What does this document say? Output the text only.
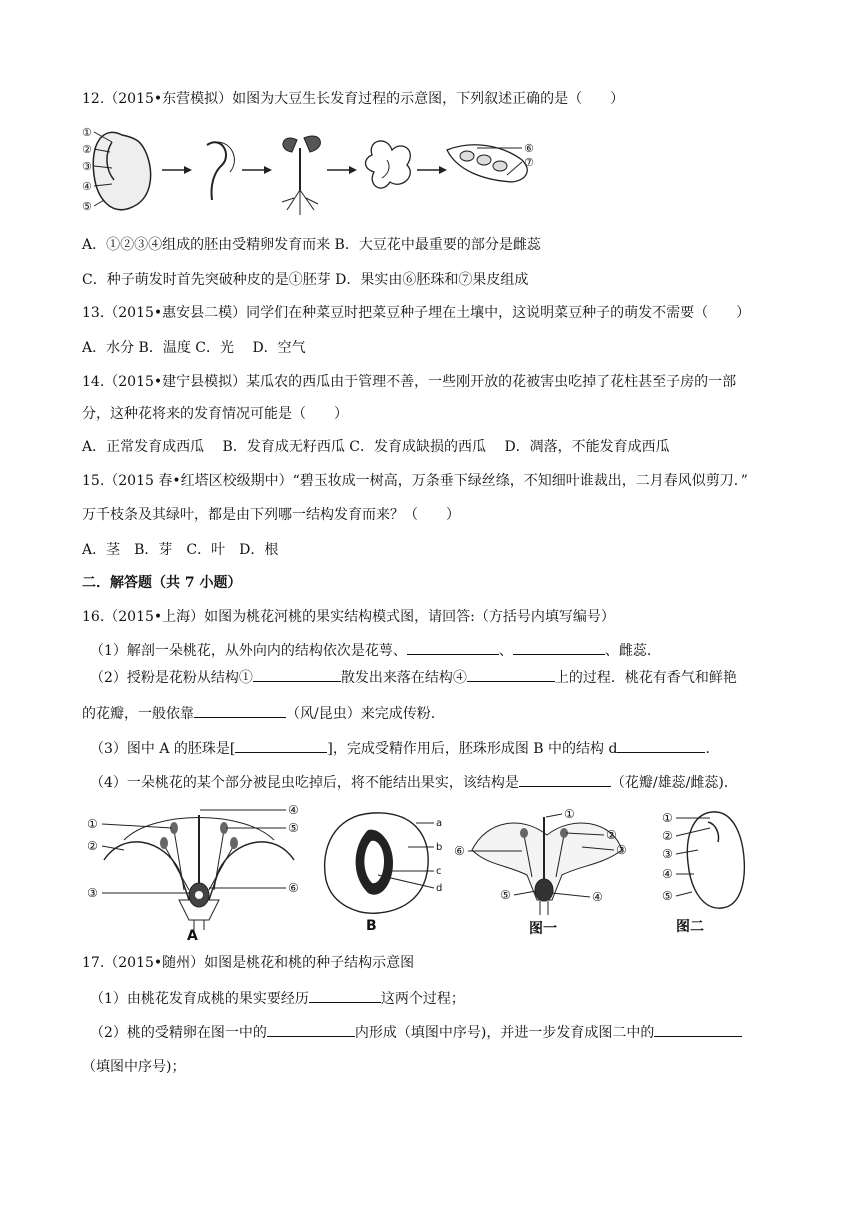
12.（2015•东营模拟）如图为大豆生长发育过程的示意图，下列叙述正确的是（　　）
①
②
③
④
⑤
⑥
⑦
A．①②③④组成的胚由受精卵发育而来 B．大豆花中最重要的部分是雌蕊
C．种子萌发时首先突破种皮的是①胚芽 D．果实由⑥胚珠和⑦果皮组成
13.（2015•惠安县二模）同学们在种菜豆时把菜豆种子埋在土壤中，这说明菜豆种子的萌发不需要（　　）
A．水分 B．温度 C．光　 D．空气
14.（2015•建宁县模拟）某瓜农的西瓜由于管理不善，一些刚开放的花被害虫吃掉了花柱甚至子房的一部
分，这种花将来的发育情况可能是（　　）
A．正常发育成西瓜　 B．发育成无籽西瓜 C．发育成缺损的西瓜　 D．凋落，不能发育成西瓜
15.（2015 春•红塔区校级期中）“碧玉妆成一树高，万条垂下绿丝绦，不知细叶谁裁出，二月春风似剪刀．”
万千枝条及其绿叶，都是由下列哪一结构发育而来？（　　）
A．茎　B．芽　C．叶　D．根
二．解答题（共 7 小题）
16.（2015•上海）如图为桃花河桃的果实结构模式图，请回答:（方括号内填写编号）
（1）解剖一朵桃花，从外向内的结构依次是花萼、	、	、雌蕊.
（2）授粉是花粉从结构①	散发出来落在结构④	上的过程．桃花有香气和鲜艳
的花瓣，一般依靠	（风/昆虫）来完成传粉.
（3）图中 A 的胚珠是[	]，完成受精作用后，胚珠形成图 B 中的结构 d	.
（4）一朵桃花的某个部分被昆虫吃掉后，将不能结出果实，该结构是	（花瓣/雄蕊/雌蕊).
①
②
③
④
⑤
⑥
A
a
b
c
d
B
①
②
③
④
⑤
⑥
图一
①
②
③
④
⑤
图二
17.（2015•随州）如图是桃花和桃的种子结构示意图
（1）由桃花发育成桃的果实要经历	这两个过程；
（2）桃的受精卵在图一中的	内形成（填图中序号)，并进一步发育成图二中的
（填图中序号)；
